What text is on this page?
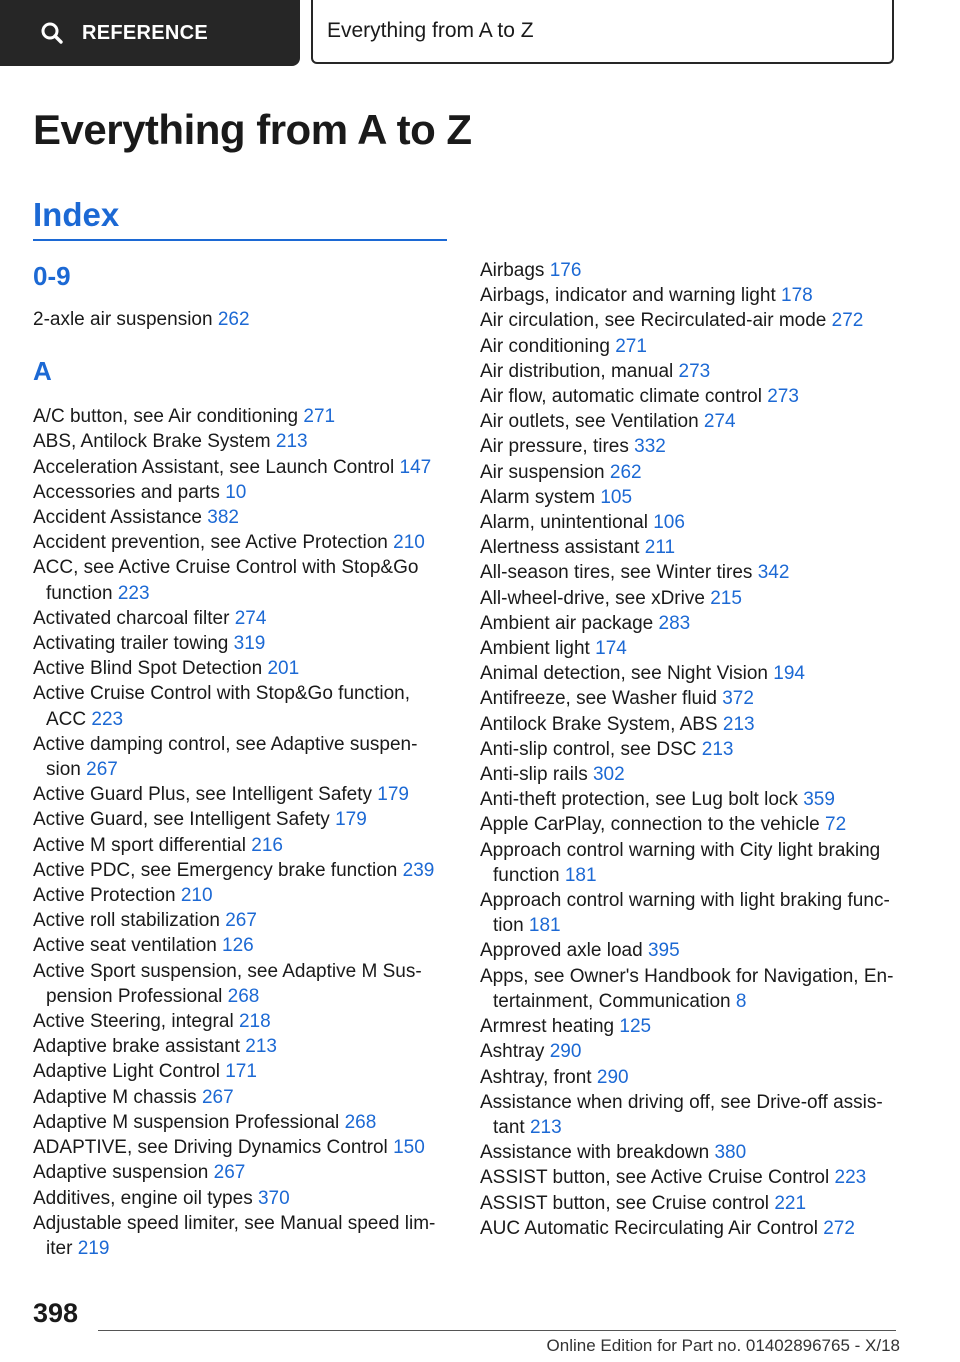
REFERENCE	Everything from A to Z
Everything from A to Z
Index
0-9
2-axle air suspension 262
A
A/C button, see Air conditioning 271
ABS, Antilock Brake System 213
Acceleration Assistant, see Launch Control 147
Accessories and parts 10
Accident Assistance 382
Accident prevention, see Active Protection 210
ACC, see Active Cruise Control with Stop&Go function 223
Activated charcoal filter 274
Activating trailer towing 319
Active Blind Spot Detection 201
Active Cruise Control with Stop&Go function, ACC 223
Active damping control, see Adaptive suspen-sion 267
Active Guard Plus, see Intelligent Safety 179
Active Guard, see Intelligent Safety 179
Active M sport differential 216
Active PDC, see Emergency brake function 239
Active Protection 210
Active roll stabilization 267
Active seat ventilation 126
Active Sport suspension, see Adaptive M Sus-pension Professional 268
Active Steering, integral 218
Adaptive brake assistant 213
Adaptive Light Control 171
Adaptive M chassis 267
Adaptive M suspension Professional 268
ADAPTIVE, see Driving Dynamics Control 150
Adaptive suspension 267
Additives, engine oil types 370
Adjustable speed limiter, see Manual speed lim-iter 219
Airbags 176
Airbags, indicator and warning light 178
Air circulation, see Recirculated-air mode 272
Air conditioning 271
Air distribution, manual 273
Air flow, automatic climate control 273
Air outlets, see Ventilation 274
Air pressure, tires 332
Air suspension 262
Alarm system 105
Alarm, unintentional 106
Alertness assistant 211
All-season tires, see Winter tires 342
All-wheel-drive, see xDrive 215
Ambient air package 283
Ambient light 174
Animal detection, see Night Vision 194
Antifreeze, see Washer fluid 372
Antilock Brake System, ABS 213
Anti-slip control, see DSC 213
Anti-slip rails 302
Anti-theft protection, see Lug bolt lock 359
Apple CarPlay, connection to the vehicle 72
Approach control warning with City light braking function 181
Approach control warning with light braking func-tion 181
Approved axle load 395
Apps, see Owner's Handbook for Navigation, En-tertainment, Communication 8
Armrest heating 125
Ashtray 290
Ashtray, front 290
Assistance when driving off, see Drive-off assis-tant 213
Assistance with breakdown 380
ASSIST button, see Active Cruise Control 223
ASSIST button, see Cruise control 221
AUC Automatic Recirculating Air Control 272
398
Online Edition for Part no. 01402896765 - X/18
